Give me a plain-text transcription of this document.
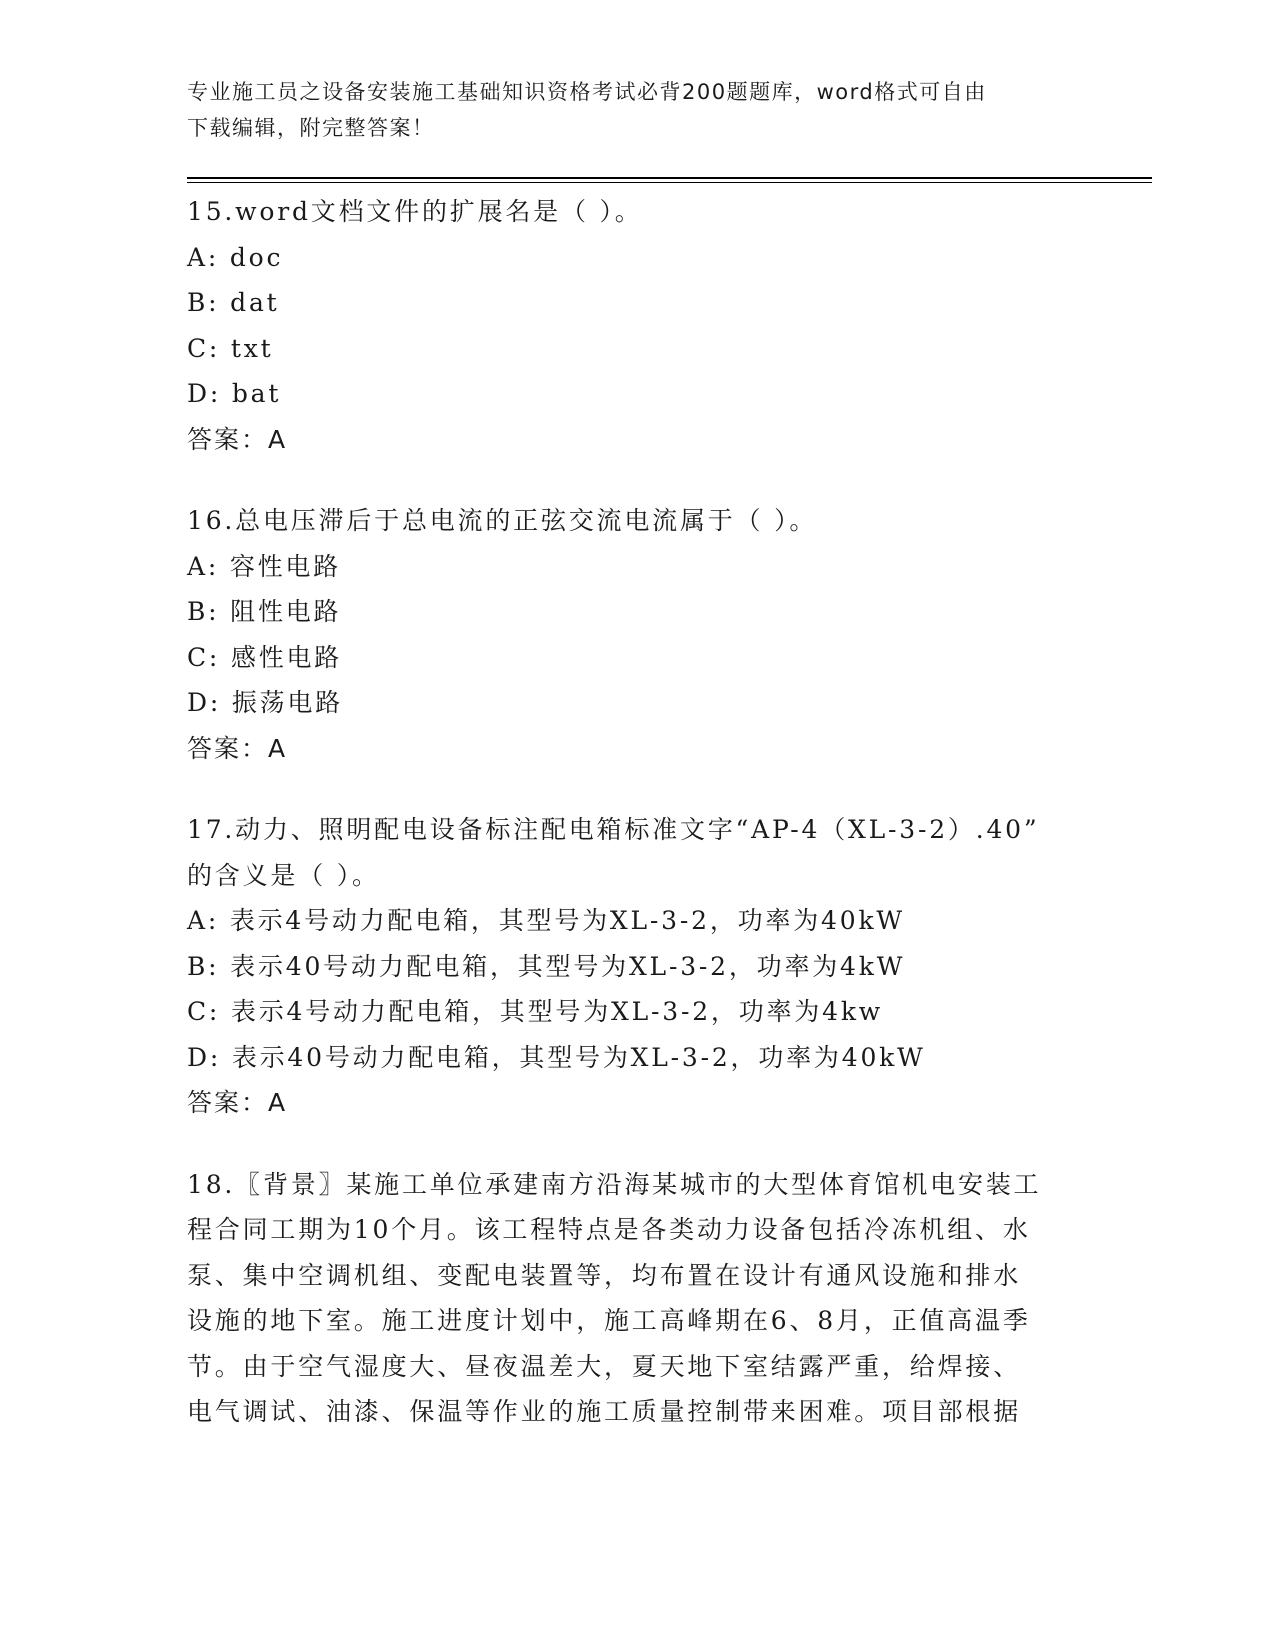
专业施工员之设备安装施工基础知识资格考试必背200题题库，word格式可自由
下载编辑，附完整答案！
15.word文档文件的扩展名是（ ）。
A: doc
B: dat
C: txt
D: bat
答案：A
16.总电压滞后于总电流的正弦交流电流属于（ ）。
A: 容性电路
B: 阻性电路
C: 感性电路
D: 振荡电路
答案：A
17.动力、照明配电设备标注配电箱标准文字“AP-4（XL-3-2）.40”
的含义是（ ）。
A: 表示4号动力配电箱，其型号为XL-3-2，功率为40kW
B: 表示40号动力配电箱，其型号为XL-3-2，功率为4kW
C: 表示4号动力配电箱，其型号为XL-3-2，功率为4kw
D: 表示40号动力配电箱，其型号为XL-3-2，功率为40kW
答案：A
18.〖背景〗某施工单位承建南方沿海某城市的大型体育馆机电安装工
程合同工期为10个月。该工程特点是各类动力设备包括冷冻机组、水
泵、集中空调机组、变配电装置等，均布置在设计有通风设施和排水
设施的地下室。施工进度计划中，施工高峰期在6、8月，正值高温季
节。由于空气湿度大、昼夜温差大，夏天地下室结露严重，给焊接、
电气调试、油漆、保温等作业的施工质量控制带来困难。项目部根据
